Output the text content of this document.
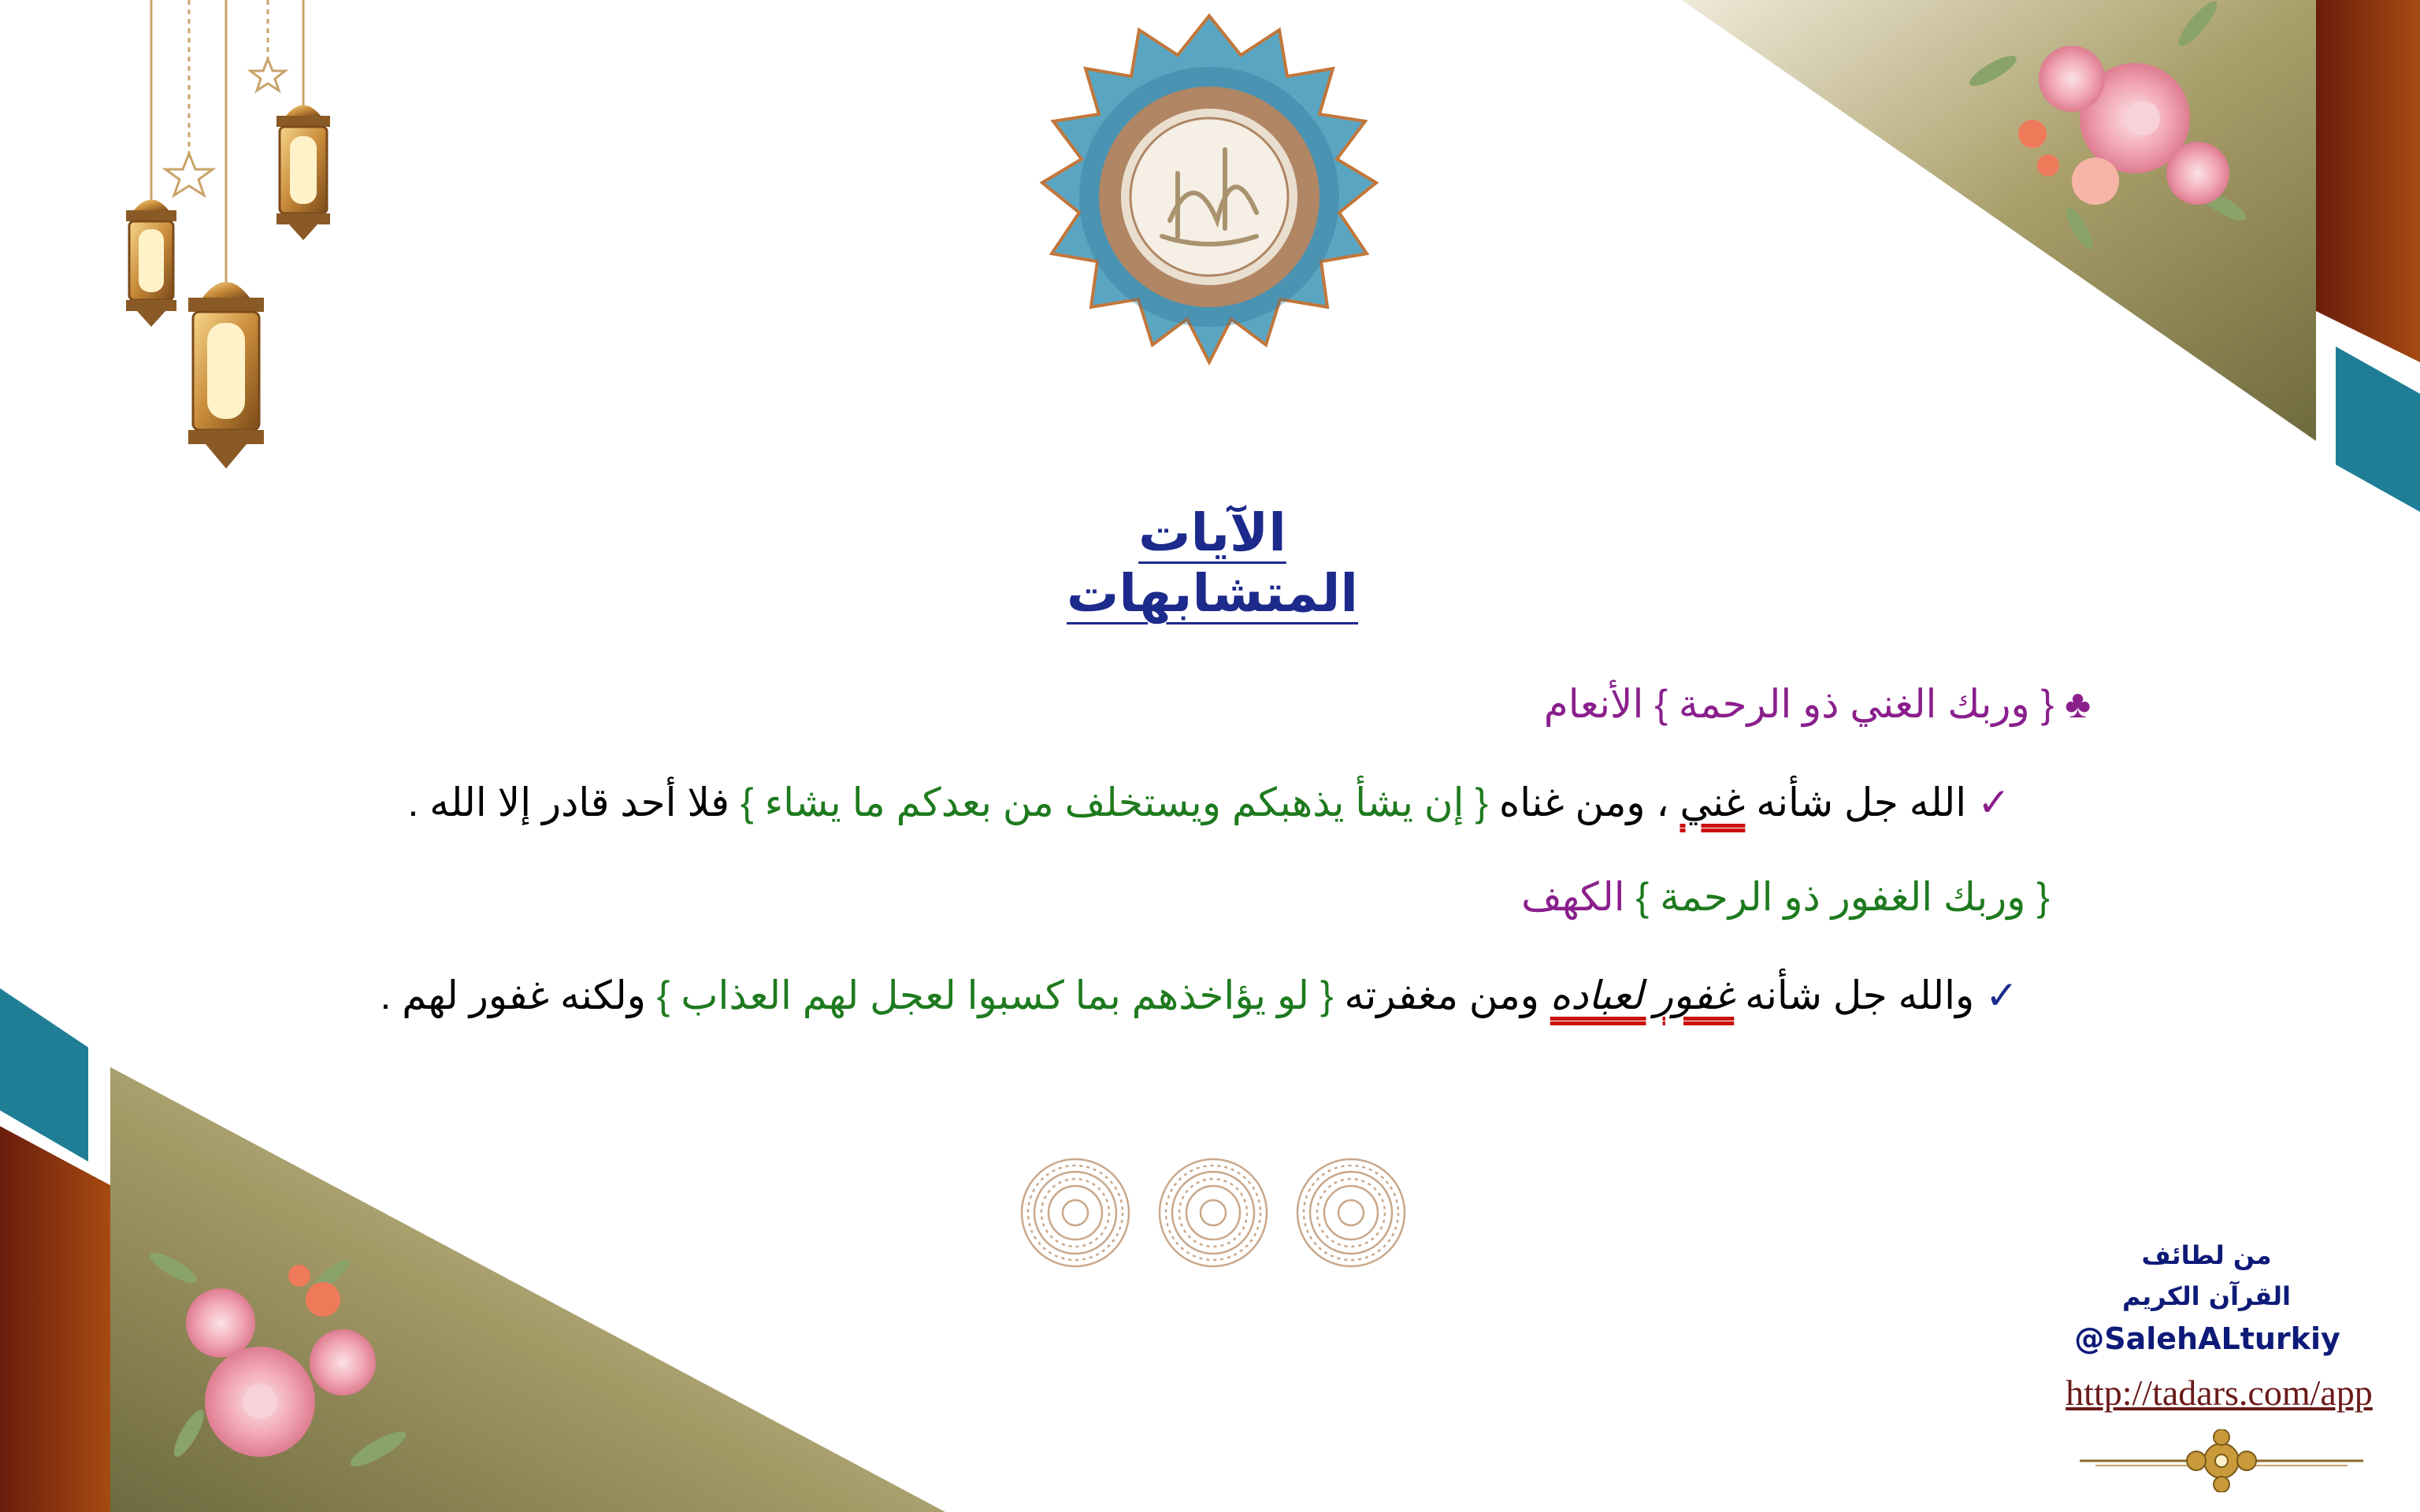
الآيات المتشابهات
♣ { وربك الغني ذو الرحمة } الأنعام
✓ الله جل شأنه غني ، ومن غناه { إن يشأ يذهبكم ويستخلف من بعدكم ما يشاء } فلا أحد قادر إلا الله .
{ وربك الغفور ذو الرحمة } الكهف
✓ والله جل شأنه غفور لعباده ومن مغفرته { لو يؤاخذهم بما كسبوا لعجل لهم العذاب } ولكنه غفور لهم .
من لطائف
القرآن الكريم
@SalehALturkiy
http://tadars.com/app
